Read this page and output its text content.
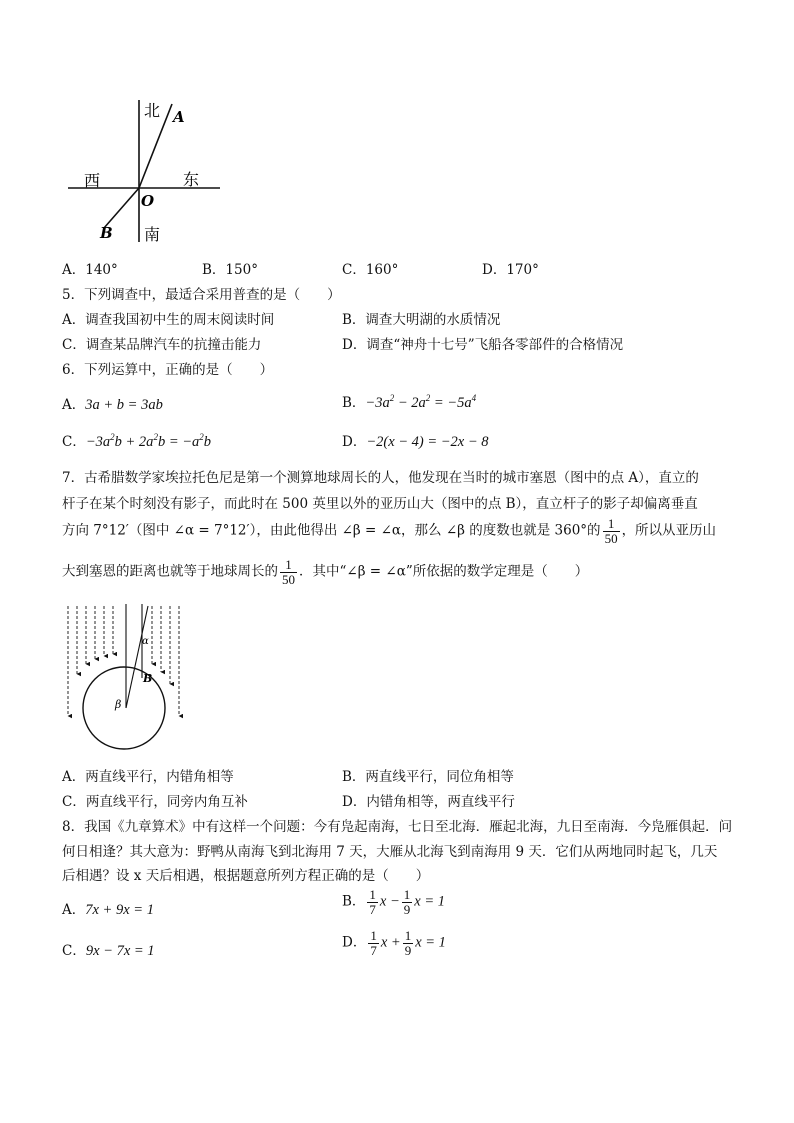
北 A
西	东
O
B 南
A．140°	B．150°	C．160°	D．170°
5．下列调查中，最适合采用普查的是（　　）
A．调查我国初中生的周末阅读时间	B．调查大明湖的水质情况
C．调查某品牌汽车的抗撞击能力	D．调查“神舟十七号”飞船各零部件的合格情况
6．下列运算中，正确的是（　　）
A．3a + b = 3ab	B．$-3a^2 - 2a^2 = -5a^4$
C．$-3a^2b + 2a^2b = -a^2b$	D．−2(x − 4) = −2x − 8
7．古希腊数学家埃拉托色尼是第一个测算地球周长的人，他发现在当时的城市塞恩（图中的点 A），直立的
杆子在某个时刻没有影子，而此时在 500 英里以外的亚历山大（图中的点 B），直立杆子的影子却偏离垂直
方向 7°12′（图中 ∠α = 7°12′），由此他得出 ∠β = ∠α，那么 ∠β 的度数也就是 360°的 $\frac{1}{50}$ ，所以从亚历山
大到塞恩的距离也就等于地球周长的 $\frac{1}{50}$ ．其中“∠β = ∠α”所依据的数学定理是（　　）
α
B
β
A．两直线平行，内错角相等	B．两直线平行，同位角相等
C．两直线平行，同旁内角互补	D．内错角相等，两直线平行
8．我国《九章算术》中有这样一个问题：今有凫起南海，七日至北海．雁起北海，九日至南海．今凫雁俱起．问
何日相逢？其大意为：野鸭从南海飞到北海用 7 天，大雁从北海飞到南海用 9 天．它们从两地同时起飞，几天
后相遇？设 x 天后相遇，根据题意所列方程正确的是（　　）
A．7x + 9x = 1
B． $\frac{1}{7}$ $x - \frac{1}{9}$ x = 1
C．9x − 7x = 1
D． $\frac{1}{7}$ $x + \frac{1}{9}$ x = 1
